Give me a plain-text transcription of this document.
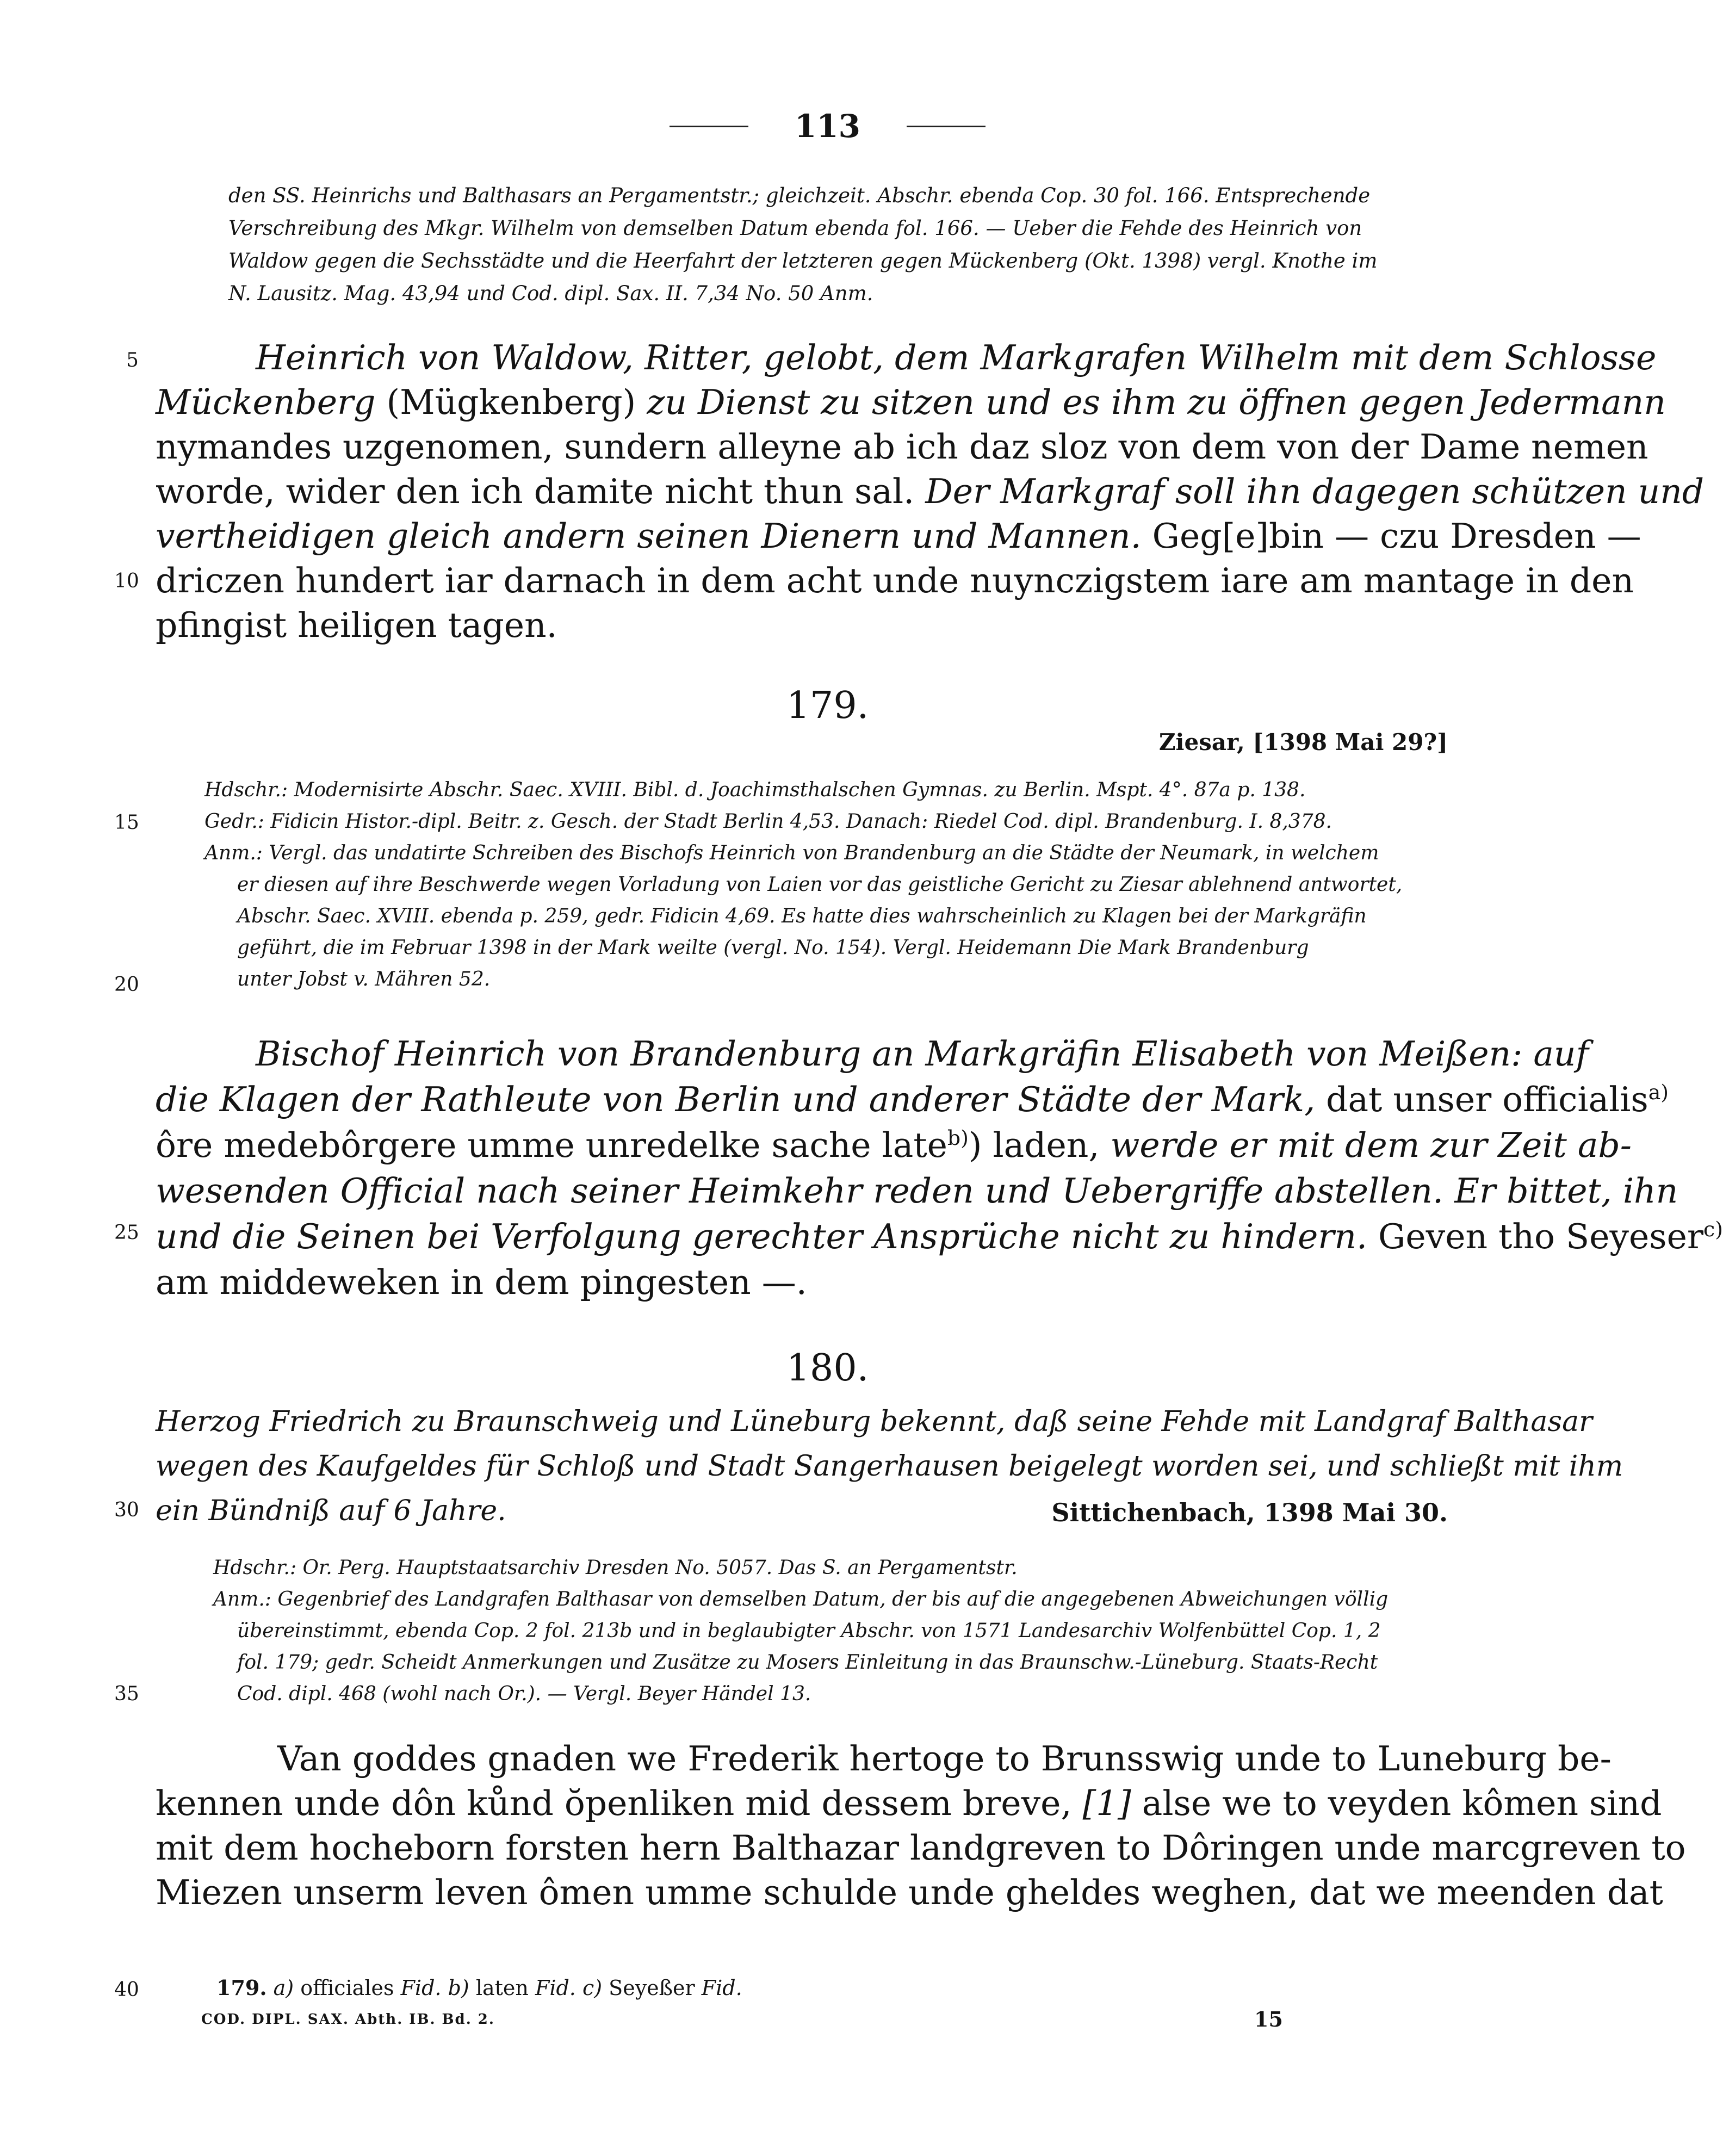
113
den SS. Heinrichs und Balthasars an Pergamentstr.; gleichzeit. Abschr. ebenda Cop. 30 fol. 166. Entsprechende
Verschreibung des Mkgr. Wilhelm von demselben Datum ebenda fol. 166. — Ueber die Fehde des Heinrich von
Waldow gegen die Sechsstädte und die Heerfahrt der letzteren gegen Mückenberg (Okt. 1398) vergl. Knothe im
N. Lausitz. Mag. 43,94 und Cod. dipl. Sax. II. 7,34 No. 50 Anm.
5
10
15
20
25
30
35
40
Heinrich von Waldow, Ritter, gelobt, dem Markgrafen Wilhelm mit dem Schlosse
Mückenberg (Mügkenberg) zu Dienst zu sitzen und es ihm zu öffnen gegen Jedermann
nymandes uzgenomen, sundern alleyne ab ich daz sloz von dem von der Dame nemen
worde, wider den ich damite nicht thun sal. Der Markgraf soll ihn dagegen schützen und
vertheidigen gleich andern seinen Dienern und Mannen. Geg[e]bin — czu Dresden —
driczen hundert iar darnach in dem acht unde nuynczigstem iare am mantage in den
pfingist heiligen tagen.
179.
Ziesar, [1398 Mai 29?]
Hdschr.: Modernisirte Abschr. Saec. XVIII. Bibl. d. Joachimsthalschen Gymnas. zu Berlin. Mspt. 4°. 87a p. 138.
Gedr.: Fidicin Histor.-dipl. Beitr. z. Gesch. der Stadt Berlin 4,53. Danach: Riedel Cod. dipl. Brandenburg. I. 8,378.
Anm.: Vergl. das undatirte Schreiben des Bischofs Heinrich von Brandenburg an die Städte der Neumark, in welchem
er diesen auf ihre Beschwerde wegen Vorladung von Laien vor das geistliche Gericht zu Ziesar ablehnend antwortet,
Abschr. Saec. XVIII. ebenda p. 259, gedr. Fidicin 4,69. Es hatte dies wahrscheinlich zu Klagen bei der Markgräfin
geführt, die im Februar 1398 in der Mark weilte (vergl. No. 154). Vergl. Heidemann Die Mark Brandenburg
unter Jobst v. Mähren 52.
Bischof Heinrich von Brandenburg an Markgräfin Elisabeth von Meißen: auf
die Klagen der Rathleute von Berlin und anderer Städte der Mark, dat unser officialis$^{a)}$
ôre medebôrgere umme unredelke sache late$^{b)}$) laden, werde er mit dem zur Zeit ab-
wesenden Official nach seiner Heimkehr reden und Uebergriffe abstellen. Er bittet, ihn
und die Seinen bei Verfolgung gerechter Ansprüche nicht zu hindern. Geven tho Seyeser$^{c)}$
am middeweken in dem pingesten —.
180.
Herzog Friedrich zu Braunschweig und Lüneburg bekennt, daß seine Fehde mit Landgraf Balthasar
wegen des Kaufgeldes für Schloß und Stadt Sangerhausen beigelegt worden sei, und schließt mit ihm
ein Bündniß auf 6 Jahre.	Sittichenbach, 1398 Mai 30.
Hdschr.: Or. Perg. Hauptstaatsarchiv Dresden No. 5057. Das S. an Pergamentstr.
Anm.: Gegenbrief des Landgrafen Balthasar von demselben Datum, der bis auf die angegebenen Abweichungen völlig
übereinstimmt, ebenda Cop. 2 fol. 213b und in beglaubigter Abschr. von 1571 Landesarchiv Wolfenbüttel Cop. 1, 2
fol. 179; gedr. Scheidt Anmerkungen und Zusätze zu Mosers Einleitung in das Braunschw.-Lüneburg. Staats-Recht
Cod. dipl. 468 (wohl nach Or.). — Vergl. Beyer Händel 13.
Van goddes gnaden we Frederik hertoge to Brunsswig unde to Luneburg be-
kennen unde dôn kůnd ŏpenliken mid dessem breve, [1] alse we to veyden kômen sind
mit dem hocheborn forsten hern Balthazar landgreven to Dôringen unde marcgreven to
Miezen unserm leven ômen umme schulde unde gheldes weghen, dat we meenden dat
179. a) officiales Fid. b) laten Fid. c) Seyeßer Fid.
COD. DIPL. SAX. Abth. IB. Bd. 2.	15
